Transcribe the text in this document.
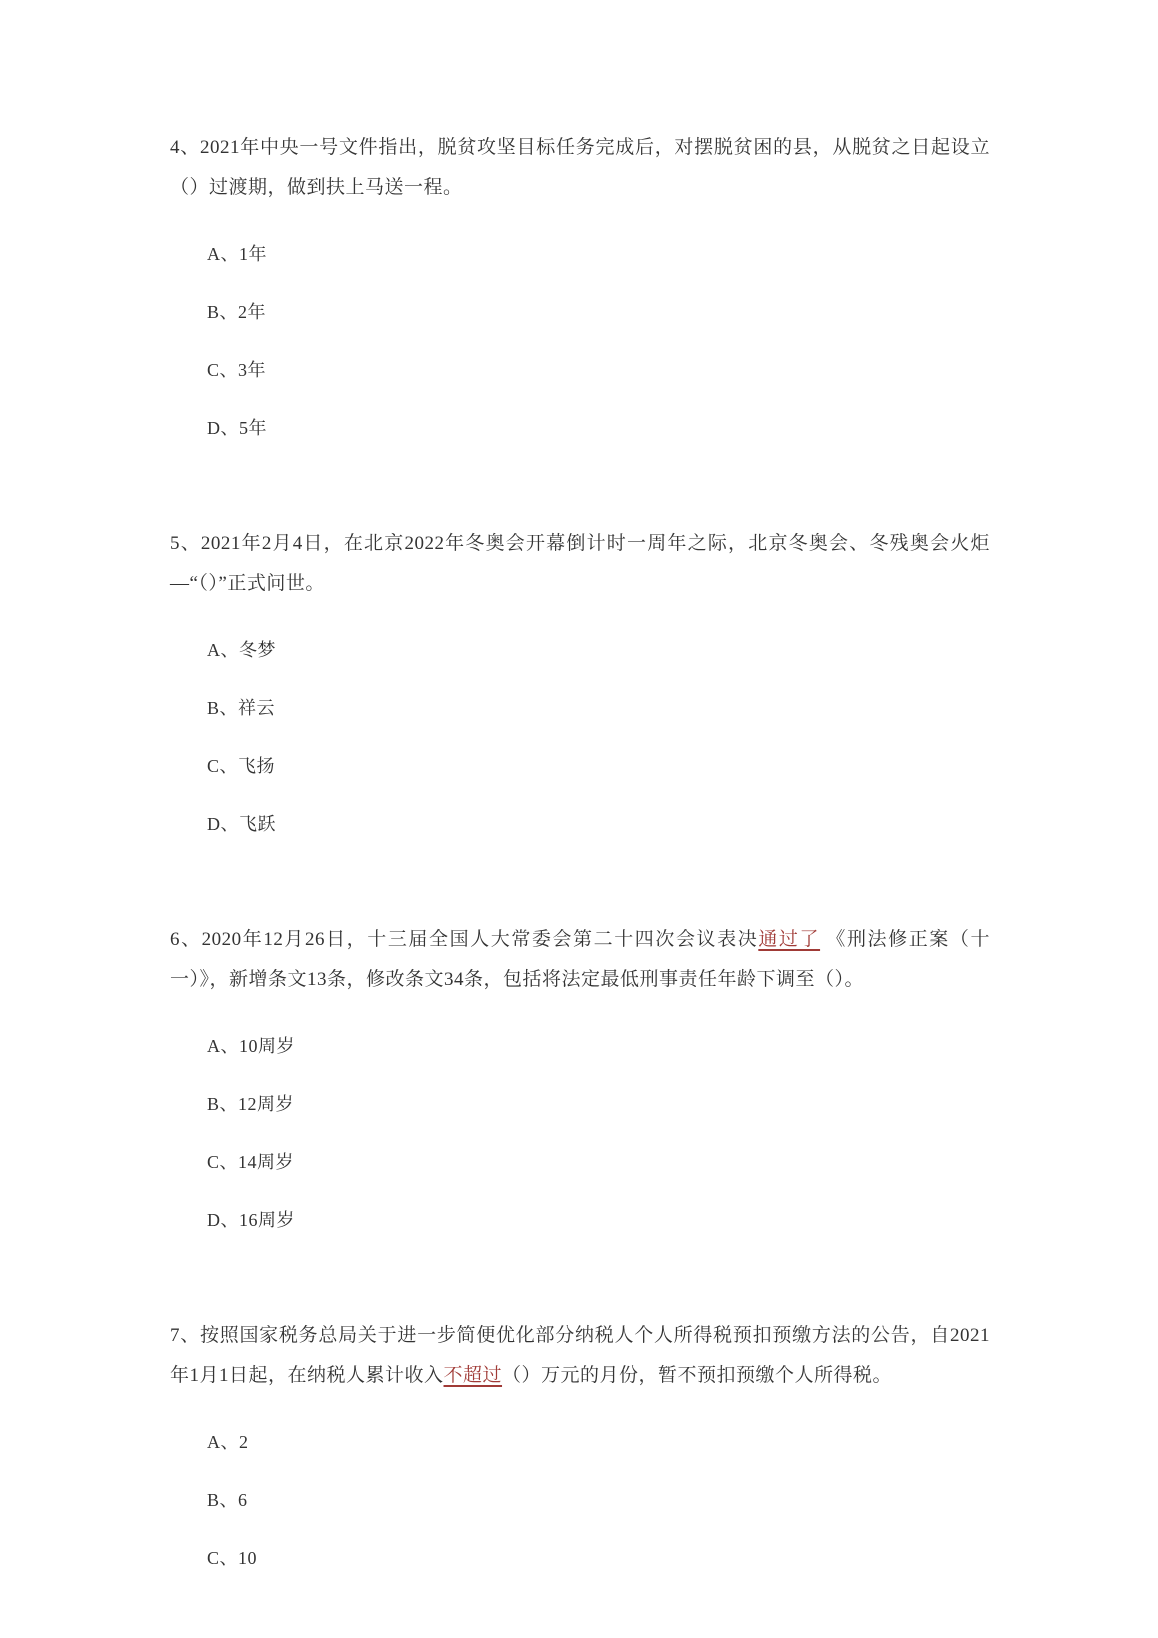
4、2021年中央一号文件指出，脱贫攻坚目标任务完成后，对摆脱贫困的县，从脱贫之日起设立（）过渡期，做到扶上马送一程。
A、1年
B、2年
C、3年
D、5年
5、2021年2月4日，在北京2022年冬奥会开幕倒计时一周年之际，北京冬奥会、冬残奥会火炬—“（）”正式问世。
A、冬梦
B、祥云
C、飞扬
D、飞跃
6、2020年12月26日，十三届全国人大常委会第二十四次会议表决通过了 《刑法修正案（十一）》，新增条文13条，修改条文34条，包括将法定最低刑事责任年龄下调至（）。
A、10周岁
B、12周岁
C、14周岁
D、16周岁
7、按照国家税务总局关于进一步简便优化部分纳税人个人所得税预扣预缴方法的公告，自2021年1月1日起，在纳税人累计收入不超过（）万元的月份，暂不预扣预缴个人所得税。
A、2
B、6
C、10
